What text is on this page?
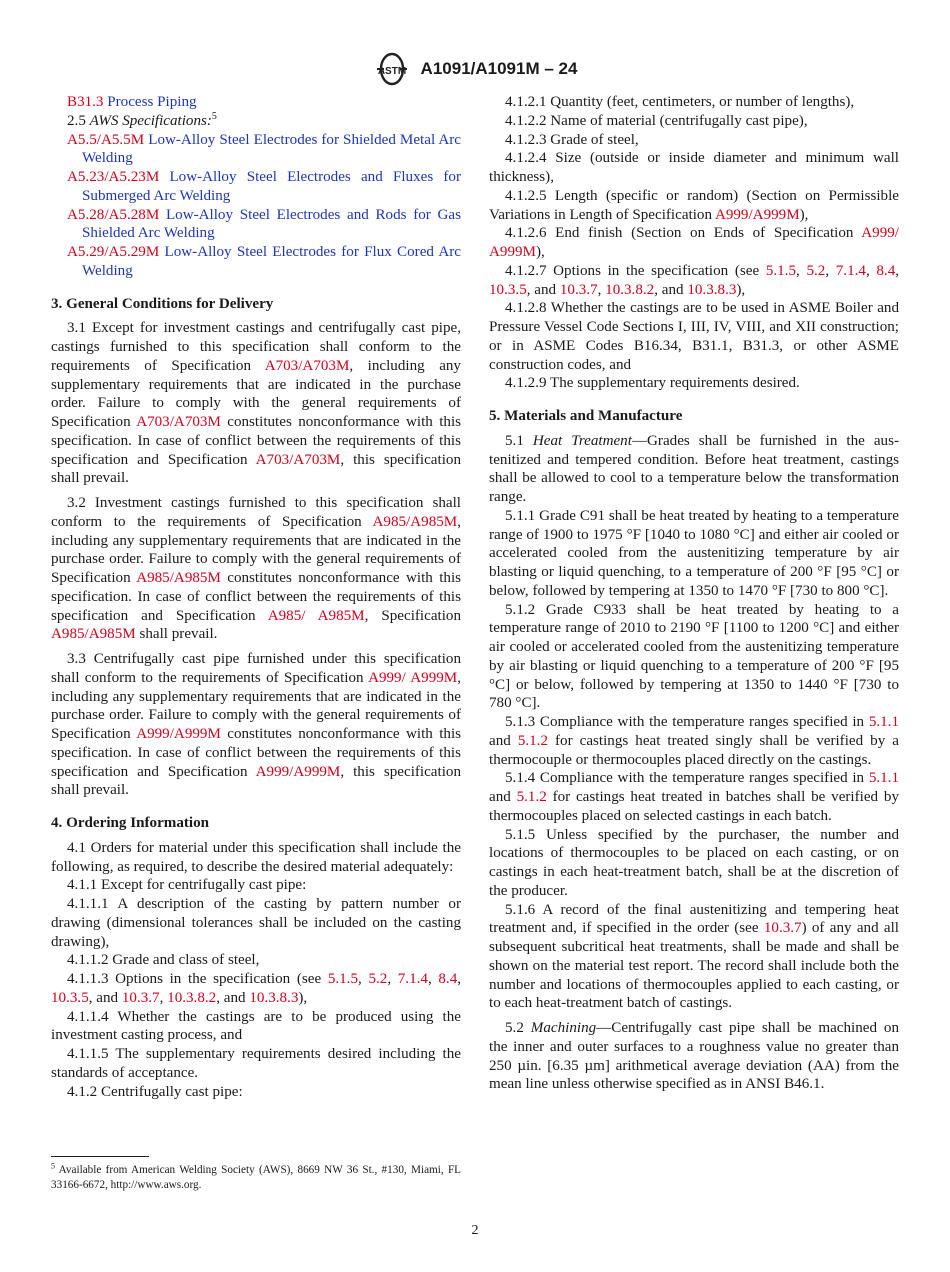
ASTM A1091/A1091M – 24

B31.3 Process Piping

2.5 AWS Specifications:$^5$

A5.5/A5.5M Low-Alloy Steel Electrodes for Shielded Metal Arc Welding

A5.23/A5.23M Low-Alloy Steel Electrodes and Fluxes for Submerged Arc Welding

A5.28/A5.28M Low-Alloy Steel Electrodes and Rods for Gas Shielded Arc Welding

A5.29/A5.29M Low-Alloy Steel Electrodes for Flux Cored Arc Welding

3. General Conditions for Delivery

3.1 Except for investment castings and centrifugally cast pipe, castings furnished to this specification shall conform to the requirements of Specification A703/A703M, including any supplementary requirements that are indicated in the purchase order. Failure to comply with the general requirements of Specification A703/A703M constitutes nonconformance with this specification. In case of conflict between the requirements of this specification and Specification A703/A703M, this specification shall prevail.

3.2 Investment castings furnished to this specification shall conform to the requirements of Specification A985/A985M, including any supplementary requirements that are indicated in the purchase order. Failure to comply with the general requirements of Specification A985/A985M constitutes nonconformance with this specification. In case of conflict between the requirements of this specification and Specification A985/ A985M, Specification A985/A985M shall prevail.

3.3 Centrifugally cast pipe furnished under this specification shall conform to the requirements of Specification A999/ A999M, including any supplementary requirements that are indicated in the purchase order. Failure to comply with the general requirements of Specification A999/A999M constitutes nonconformance with this specification. In case of conflict between the requirements of this specification and Specification A999/A999M, this specification shall prevail.

4. Ordering Information

4.1 Orders for material under this specification shall include the following, as required, to describe the desired material adequately:

4.1.1 Except for centrifugally cast pipe:

4.1.1.1 A description of the casting by pattern number or drawing (dimensional tolerances shall be included on the casting drawing),

4.1.1.2 Grade and class of steel,

4.1.1.3 Options in the specification (see 5.1.5, 5.2, 7.1.4, 8.4, 10.3.5, and 10.3.7, 10.3.8.2, and 10.3.8.3),

4.1.1.4 Whether the castings are to be produced using the investment casting process, and

4.1.1.5 The supplementary requirements desired including the standards of acceptance.

4.1.2 Centrifugally cast pipe:

4.1.2.1 Quantity (feet, centimeters, or number of lengths),

4.1.2.2 Name of material (centrifugally cast pipe),

4.1.2.3 Grade of steel,

4.1.2.4 Size (outside or inside diameter and minimum wall thickness),

4.1.2.5 Length (specific or random) (Section on Permissible Variations in Length of Specification A999/A999M),

4.1.2.6 End finish (Section on Ends of Specification A999/ A999M),

4.1.2.7 Options in the specification (see 5.1.5, 5.2, 7.1.4, 8.4, 10.3.5, and 10.3.7, 10.3.8.2, and 10.3.8.3),

4.1.2.8 Whether the castings are to be used in ASME Boiler and Pressure Vessel Code Sections I, III, IV, VIII, and XII construction; or in ASME Codes B16.34, B31.1, B31.3, or other ASME construction codes, and

4.1.2.9 The supplementary requirements desired.

5. Materials and Manufacture

5.1 Heat Treatment—Grades shall be furnished in the austenitized and tempered condition. Before heat treatment, castings shall be allowed to cool to a temperature below the transformation range.

5.1.1 Grade C91 shall be heat treated by heating to a temperature range of 1900 to 1975 °F [1040 to 1080 °C] and either air cooled or accelerated cooled from the austenitizing temperature by air blasting or liquid quenching, to a temperature of 200 °F [95 °C] or below, followed by tempering at 1350 to 1470 °F [730 to 800 °C].

5.1.2 Grade C933 shall be heat treated by heating to a temperature range of 2010 to 2190 °F [1100 to 1200 °C] and either air cooled or accelerated cooled from the austenitizing temperature by air blasting or liquid quenching to a temperature of 200 °F [95 °C] or below, followed by tempering at 1350 to 1440 °F [730 to 780 °C].

5.1.3 Compliance with the temperature ranges specified in 5.1.1 and 5.1.2 for castings heat treated singly shall be verified by a thermocouple or thermocouples placed directly on the castings.

5.1.4 Compliance with the temperature ranges specified in 5.1.1 and 5.1.2 for castings heat treated in batches shall be verified by thermocouples placed on selected castings in each batch.

5.1.5 Unless specified by the purchaser, the number and locations of thermocouples to be placed on each casting, or on castings in each heat-treatment batch, shall be at the discretion of the producer.

5.1.6 A record of the final austenitizing and tempering heat treatment and, if specified in the order (see 10.3.7) of any and all subsequent subcritical heat treatments, shall be made and shall be shown on the material test report. The record shall include both the number and locations of thermocouples applied to each casting, or to each heat-treatment batch of castings.

5.2 Machining—Centrifugally cast pipe shall be machined on the inner and outer surfaces to a roughness value no greater than 250 µin. [6.35 µm] arithmetical average deviation (AA) from the mean line unless otherwise specified as in ANSI B46.1.

$^5$ Available from American Welding Society (AWS), 8669 NW 36 St., #130, Miami, FL 33166-6672, http://www.aws.org.
2
